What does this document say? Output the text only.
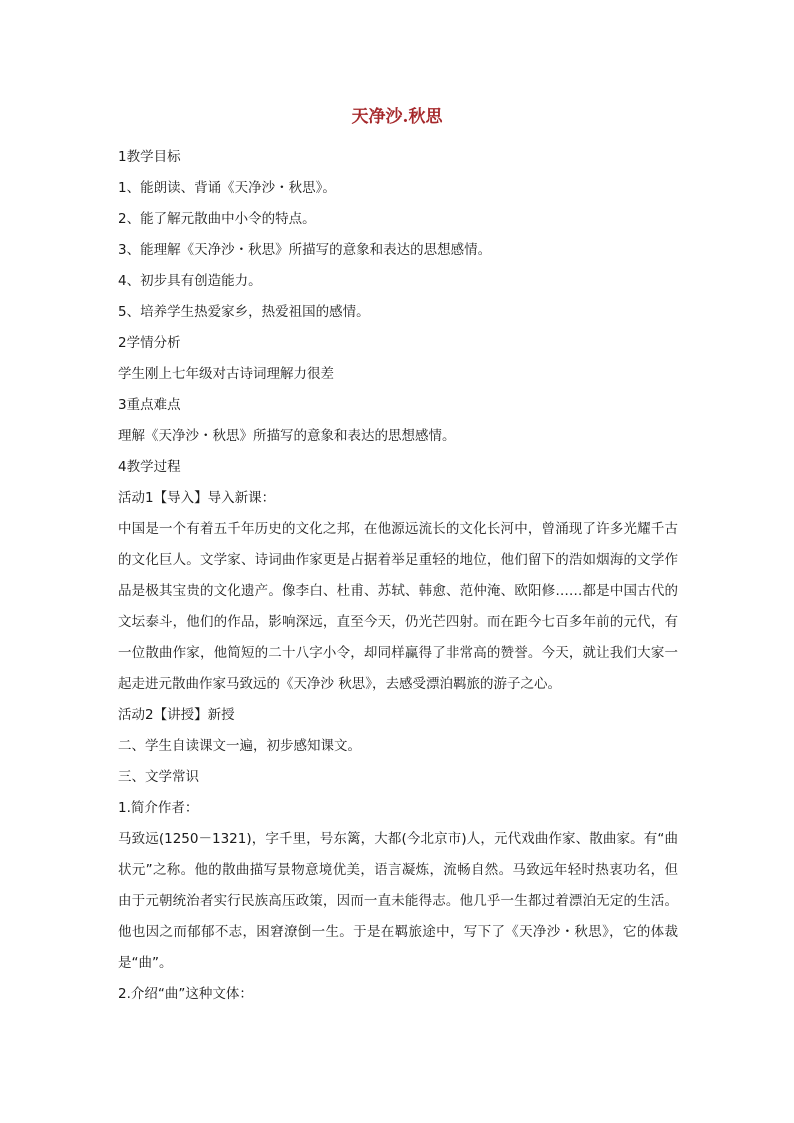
天净沙.秋思
1教学目标
1、能朗读、背诵《天净沙・秋思》。
2、能了解元散曲中小令的特点。
3、能理解《天净沙・秋思》所描写的意象和表达的思想感情。
4、初步具有创造能力。
5、培养学生热爱家乡，热爱祖国的感情。
2学情分析
学生刚上七年级对古诗词理解力很差
3重点难点
理解《天净沙・秋思》所描写的意象和表达的思想感情。
4教学过程
活动1【导入】导入新课：
中国是一个有着五千年历史的文化之邦，在他源远流长的文化长河中，曾涌现了许多光耀千古的文化巨人。文学家、诗词曲作家更是占据着举足重轻的地位，他们留下的浩如烟海的文学作品是极其宝贵的文化遗产。像李白、杜甫、苏轼、韩愈、范仲淹、欧阳修……都是中国古代的文坛泰斗，他们的作品，影响深远，直至今天，仍光芒四射。而在距今七百多年前的元代，有一位散曲作家，他简短的二十八字小令，却同样赢得了非常高的赞誉。今天，就让我们大家一起走进元散曲作家马致远的《天净沙 秋思》，去感受漂泊羁旅的游子之心。
活动2【讲授】新授
二、学生自读课文一遍，初步感知课文。
三、文学常识
1.简介作者：
马致远(1250－1321)，字千里，号东篱，大都(今北京市)人，元代戏曲作家、散曲家。有“曲状元”之称。他的散曲描写景物意境优美，语言凝炼，流畅自然。马致远年轻时热衷功名，但由于元朝统治者实行民族高压政策，因而一直未能得志。他几乎一生都过着漂泊无定的生活。他也因之而郁郁不志，困窘潦倒一生。于是在羁旅途中，写下了《天净沙・秋思》，它的体裁是“曲”。
2.介绍“曲”这种文体：
